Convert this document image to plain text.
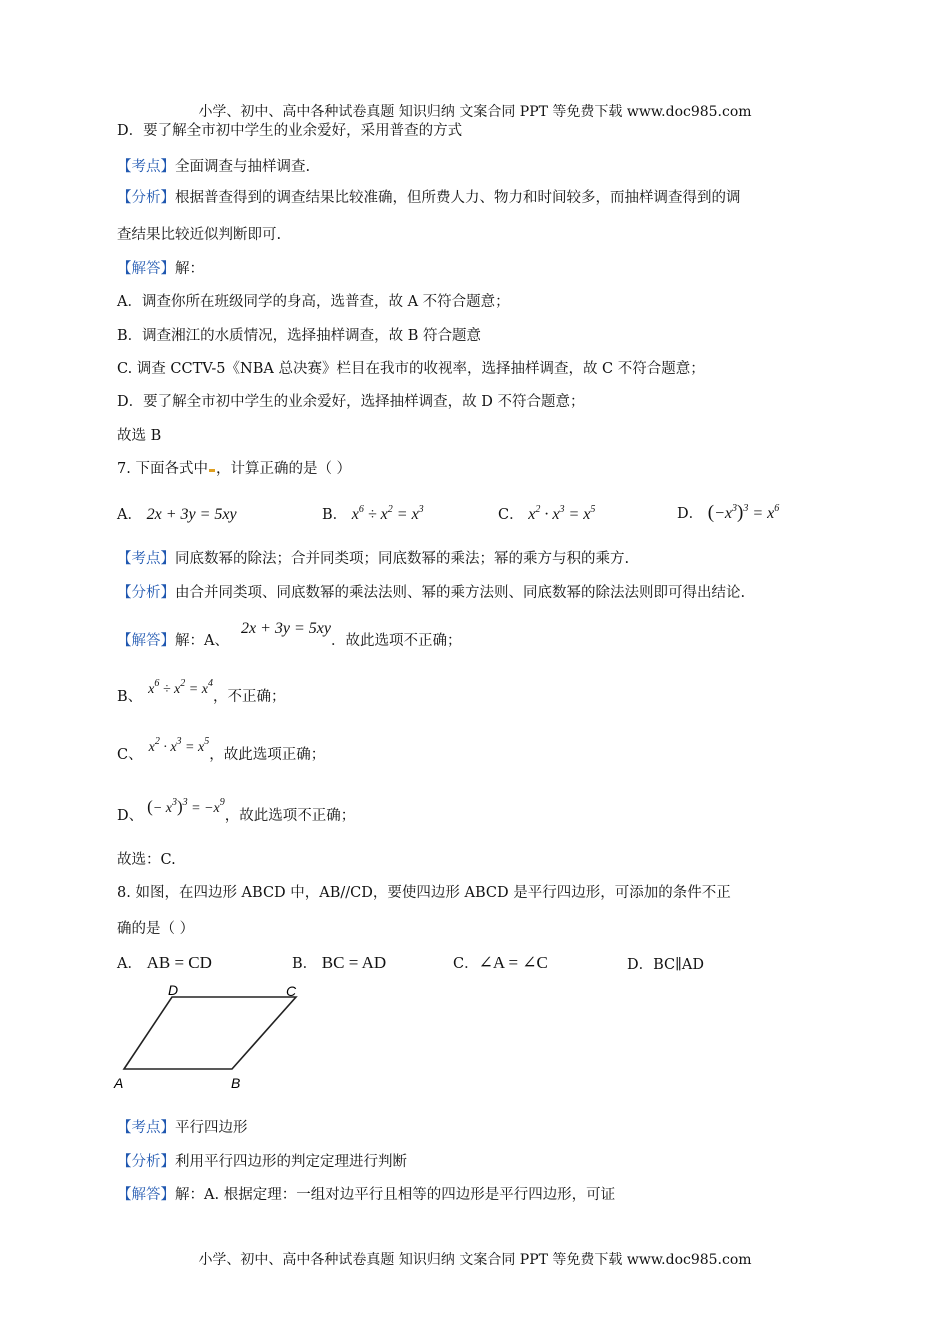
小学、初中、高中各种试卷真题 知识归纳 文案合同 PPT 等免费下载 www.doc985.com
D．要了解全市初中学生的业余爱好，采用普查的方式
【考点】全面调查与抽样调查.
【分析】根据普查得到的调查结果比较准确，但所费人力、物力和时间较多，而抽样调查得到的调
查结果比较近似判断即可.
【解答】解：
A．调查你所在班级同学的身高，选普查，故 A 不符合题意；
B．调查湘江的水质情况，选择抽样调查，故 B 符合题意
C. 调查 CCTV-5《NBA 总决赛》栏目在我市的收视率，选择抽样调查，故 C 不符合题意；
D．要了解全市初中学生的业余爱好，选择抽样调查，故 D 不符合题意；
故选 B
7. 下面各式中 ，计算正确的是（ ）
A． 2x + 3y = 5xy	B． $x^6 \div x^2 = x^3$	C． $x^2 \cdot x^3 = x^5$	D． $(-x^3)^3 = x^6$
【考点】同底数幂的除法；合并同类项；同底数幂的乘法；幂的乘方与积的乘方.
【分析】由合并同类项、同底数幂的乘法法则、幂的乘方法则、同底数幂的除法法则即可得出结论.
【解答】解：A、2x + 3y = 5xy．故此选项不正确；
B、 $x^6 \div x^2 = x^4$，不正确；
C、 $x^2 \cdot x^3 = x^5$，故此选项正确；
D、 (− $x^3)^3 = -x^9$，故此选项不正确；
故选：C.
8. 如图，在四边形 ABCD 中，AB//CD，要使四边形 ABCD 是平行四边形，可添加的条件不正
确的是（ ）
A． AB = CD	B． BC = AD	C．∠A = ∠C	D．BC∥AD
A	B
C
D
【考点】平行四边形
【分析】利用平行四边形的判定定理进行判断
【解答】解：A. 根据定理：一组对边平行且相等的四边形是平行四边形，可证
小学、初中、高中各种试卷真题 知识归纳 文案合同 PPT 等免费下载 www.doc985.com
